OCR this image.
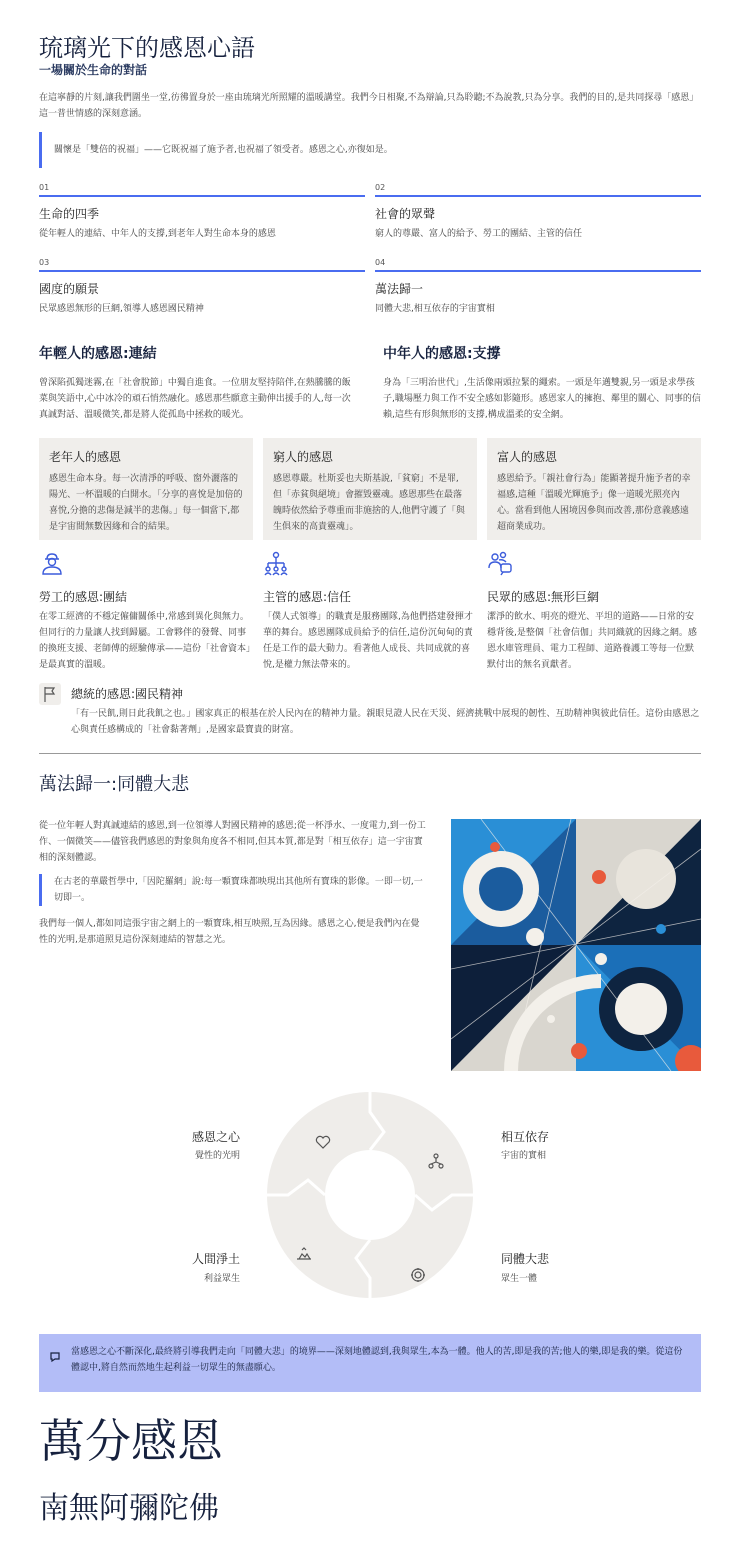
琉璃光下的感恩心語
一場關於生命的對話
在這寧靜的片刻,讓我們圍坐一堂,彷彿置身於一座由琉璃光所照耀的溫暖講堂。我們今日相聚,不為辯論,只為聆聽;不為說教,只為分享。我們的目的,是共同探尋「感恩」這一普世情感的深刻意涵。
關懷是「雙倍的祝福」——它既祝福了施予者,也祝福了領受者。感恩之心,亦復如是。
01
生命的四季
從年輕人的連結、中年人的支撐,到老年人對生命本身的感恩
02
社會的眾聲
窮人的尊嚴、富人的給予、勞工的團結、主管的信任
03
國度的願景
民眾感恩無形的巨網,領導人感恩國民精神
04
萬法歸一
同體大悲,相互依存的宇宙實相
年輕人的感恩:連結
曾深陷孤獨迷霧,在「社會脫節」中獨自進食。一位朋友堅持陪伴,在熱騰騰的飯菜與笑語中,心中冰冷的頑石悄然融化。感恩那些願意主動伸出援手的人,每一次真誠對話、溫暖微笑,都是將人從孤島中拯救的暖光。
中年人的感恩:支撐
身為「三明治世代」,生活像兩頭拉緊的繩索。一頭是年邁雙親,另一頭是求學孩子,職場壓力與工作不安全感如影隨形。感恩家人的擁抱、鄰里的關心、同事的信賴,這些有形與無形的支撐,構成溫柔的安全網。
老年人的感恩
感恩生命本身。每一次清淨的呼吸、窗外灑落的陽光、一杯溫暖的白開水。「分享的喜悅是加倍的喜悅,分擔的悲傷是減半的悲傷。」每一個當下,都是宇宙間無數因緣和合的結果。
窮人的感恩
感恩尊嚴。杜斯妥也夫斯基說,「貧窮」不是罪,但「赤貧與絕境」會摧毀靈魂。感恩那些在最落魄時依然給予尊重而非施捨的人,他們守護了「與生俱來的高貴靈魂」。
富人的感恩
感恩給予。「親社會行為」能顯著提升施予者的幸福感,這種「溫暖光輝施予」像一道暖光照亮內心。當看到他人困境因參與而改善,那份意義感遠超商業成功。
勞工的感恩:團結
在零工經濟的不穩定僱傭關係中,常感到異化與無力。但同行的力量讓人找到歸屬。工會夥伴的發聲、同事的換班支援、老師傅的經驗傳承——這份「社會資本」是最真實的溫暖。
主管的感恩:信任
「僕人式領導」的職責是服務團隊,為他們搭建發揮才華的舞台。感恩團隊成員給予的信任,這份沉甸甸的責任是工作的最大動力。看著他人成長、共同成就的喜悅,是權力無法帶來的。
民眾的感恩:無形巨網
潔淨的飲水、明亮的燈光、平坦的道路——日常的安穩背後,是整個「社會信伽」共同織就的因緣之網。感恩水庫管理員、電力工程師、道路養護工等每一位默默付出的無名貢獻者。
總統的感恩:國民精神
「有一民飢,則日此我飢之也。」國家真正的根基在於人民內在的精神力量。親眼見證人民在天災、經濟挑戰中展現的韌性、互助精神與彼此信任。這份由感恩之心與責任感構成的「社會黏著劑」,是國家最寶貴的財富。
萬法歸一:同體大悲
從一位年輕人對真誠連結的感恩,到一位領導人對國民精神的感恩;從一杯淨水、一度電力,到一份工作、一個微笑——儘管我們感恩的對象與角度各不相同,但其本質,都是對「相互依存」這一宇宙實相的深刻體認。
在古老的華嚴哲學中,「因陀羅網」說:每一顆寶珠都映現出其他所有寶珠的影像。一即一切,一切即一。
我們每一個人,都如同這張宇宙之網上的一顆寶珠,相互映照,互為因緣。感恩之心,便是我們內在覺性的光明,是那道照見這份深刻連結的智慧之光。
感恩之心
覺性的光明
相互依存
宇宙的實相
同體大悲
眾生一體
人間淨土
利益眾生
當感恩之心不斷深化,最終將引導我們走向「同體大悲」的境界——深刻地體認到,我與眾生,本為一體。他人的苦,即是我的苦;他人的樂,即是我的樂。從這份體認中,將自然而然地生起利益一切眾生的無盡願心。
萬分感恩
南無阿彌陀佛
